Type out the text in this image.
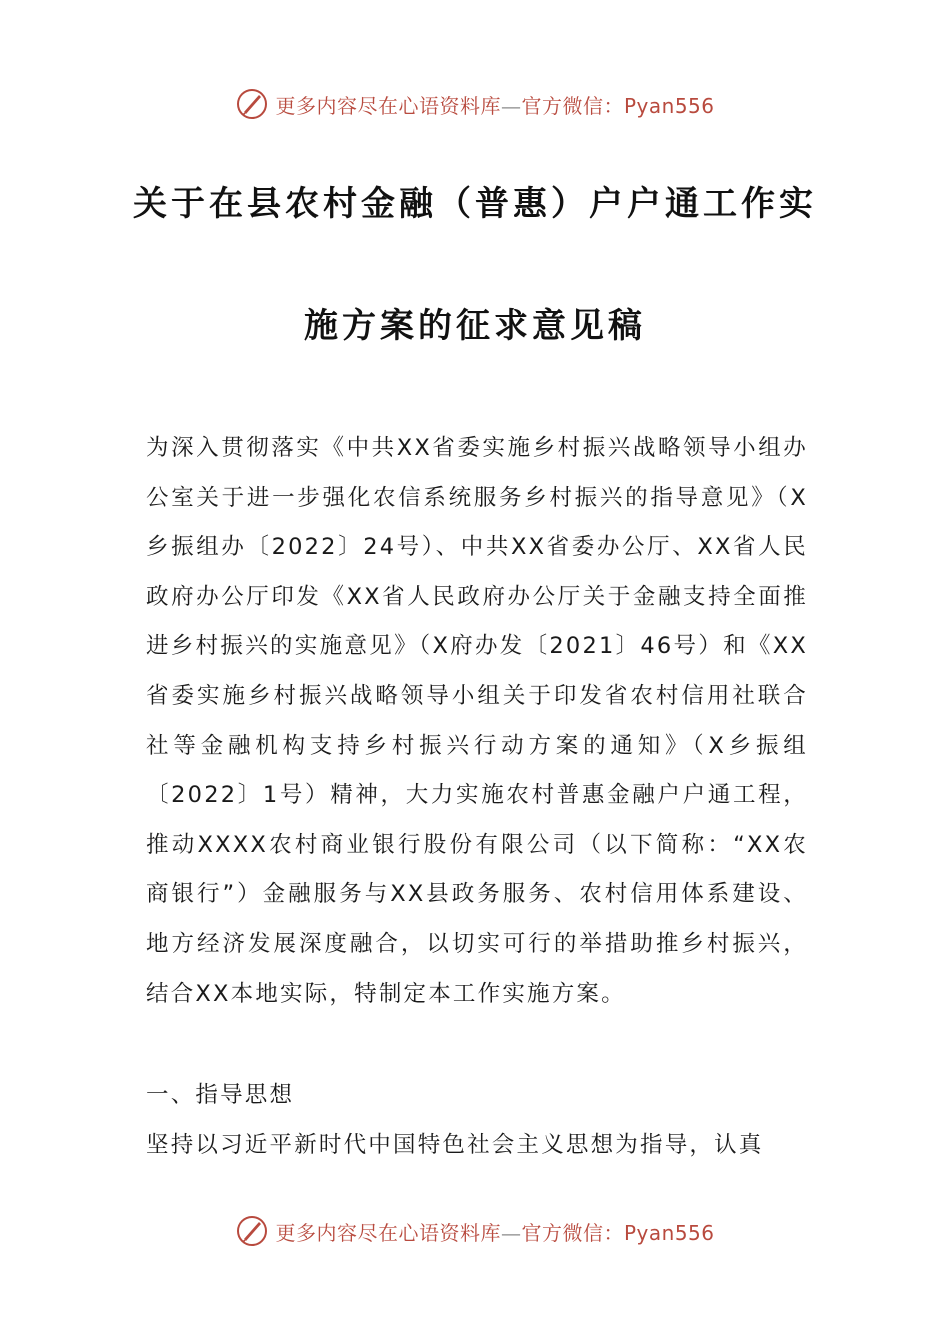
更多内容尽在心语资料库—官方微信：Pyan556
关于在县农村金融（普惠）户户通工作实
施方案的征求意见稿
为深入贯彻落实《中共XX省委实施乡村振兴战略领导小组办公室关于进一步强化农信系统服务乡村振兴的指导意见》（X乡振组办〔2022〕24号）、中共XX省委办公厅、XX省人民政府办公厅印发《XX省人民政府办公厅关于金融支持全面推进乡村振兴的实施意见》（X府办发〔2021〕46号）和《XX省委实施乡村振兴战略领导小组关于印发省农村信用社联合社等金融机构支持乡村振兴行动方案的通知》（X乡振组〔2022〕1号）精神，大力实施农村普惠金融户户通工程，推动XXXX农村商业银行股份有限公司（以下简称：“XX农商银行”）金融服务与XX县政务服务、农村信用体系建设、地方经济发展深度融合，以切实可行的举措助推乡村振兴，结合XX本地实际，特制定本工作实施方案。
一、指导思想
坚持以习近平新时代中国特色社会主义思想为指导，认真
更多内容尽在心语资料库—官方微信：Pyan556
